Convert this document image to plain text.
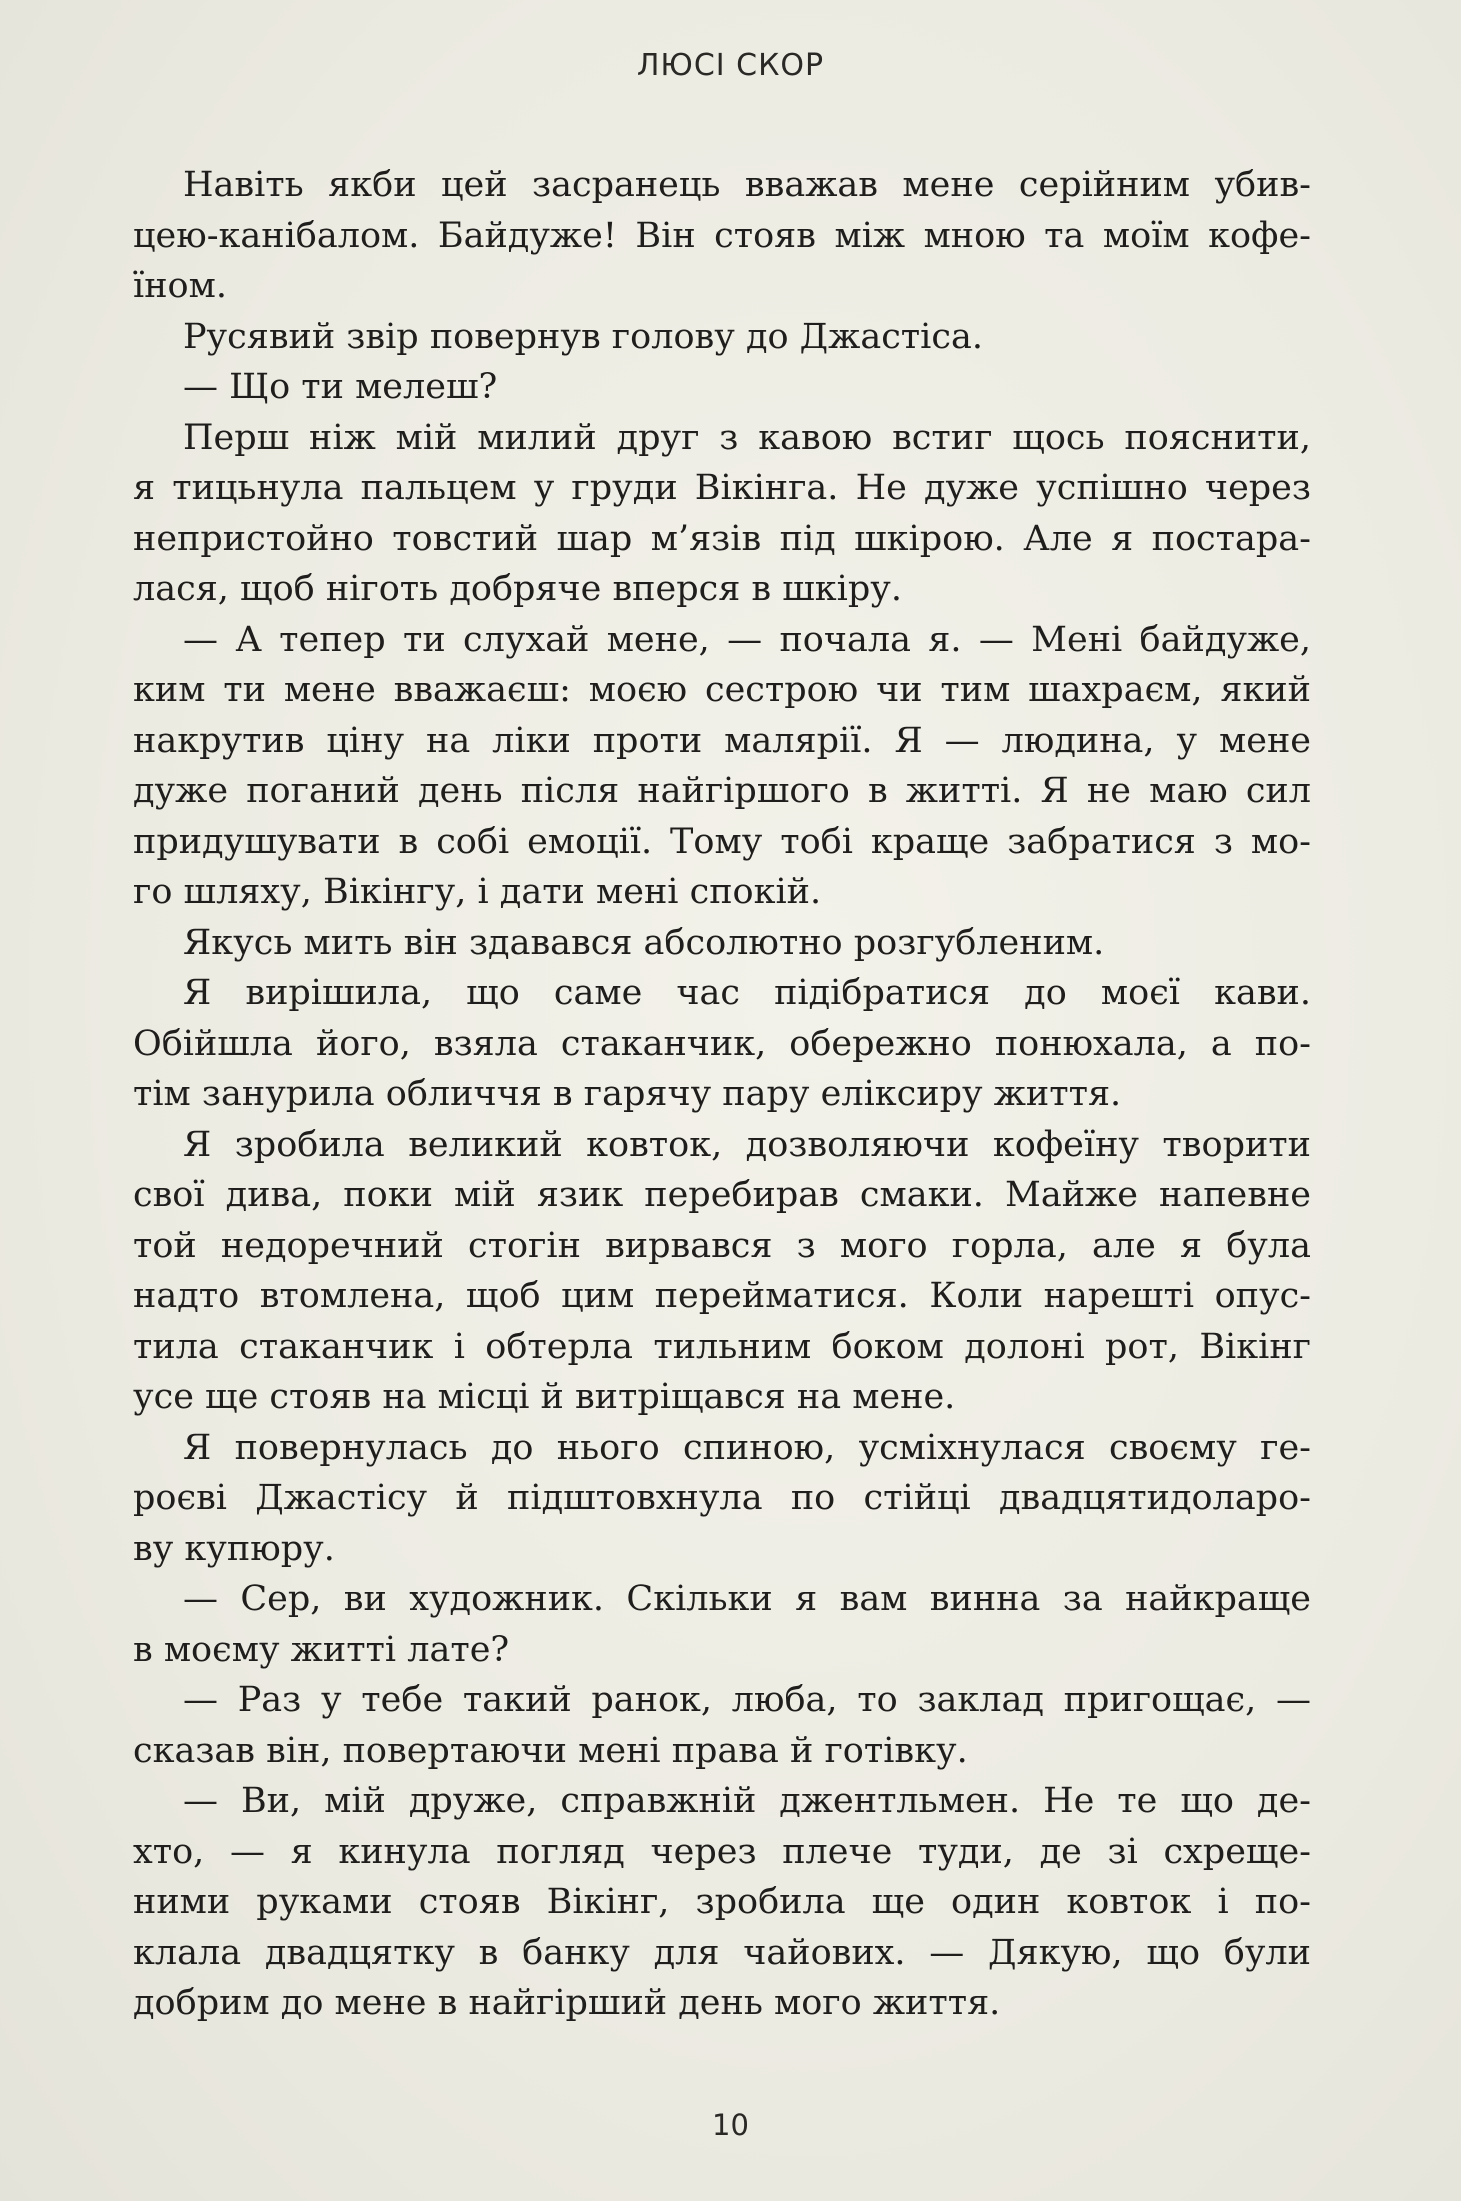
ЛЮСІ СКОР
Навіть якби цей засранець вважав мене серійним убив-
цею-канібалом. Байдуже! Він стояв між мною та моїм кофе-
їном.
Русявий звір повернув голову до Джастіса.
— Що ти мелеш?
Перш ніж мій милий друг з кавою встиг щось пояснити,
я тицьнула пальцем у груди Вікінга. Не дуже успішно через
непристойно товстий шар м’язів під шкірою. Але я постара-
лася, щоб ніготь добряче вперся в шкіру.
— А тепер ти слухай мене, — почала я. — Мені байдуже,
ким ти мене вважаєш: моєю сестрою чи тим шахраєм, який
накрутив ціну на ліки проти малярії. Я — людина, у мене
дуже поганий день після найгіршого в житті. Я не маю сил
придушувати в собі емоції. Тому тобі краще забратися з мо-
го шляху, Вікінгу, і дати мені спокій.
Якусь мить він здавався абсолютно розгубленим.
Я вирішила, що саме час підібратися до моєї кави.
Обійшла його, взяла стаканчик, обережно понюхала, а по-
тім занурила обличчя в гарячу пару еліксиру життя.
Я зробила великий ковток, дозволяючи кофеїну творити
свої дива, поки мій язик перебирав смаки. Майже напевне
той недоречний стогін вирвався з мого горла, але я була
надто втомлена, щоб цим перейматися. Коли нарешті опус-
тила стаканчик і обтерла тильним боком долоні рот, Вікінг
усе ще стояв на місці й витріщався на мене.
Я повернулась до нього спиною, усміхнулася своєму ге-
роєві Джастісу й підштовхнула по стійці двадцятидоларо-
ву купюру.
— Сер, ви художник. Скільки я вам винна за найкраще
в моєму житті лате?
— Раз у тебе такий ранок, люба, то заклад пригощає, —
сказав він, повертаючи мені права й готівку.
— Ви, мій друже, справжній джентльмен. Не те що де-
хто, — я кинула погляд через плече туди, де зі схреще-
ними руками стояв Вікінг, зробила ще один ковток і по-
клала двадцятку в банку для чайових. — Дякую, що були
добрим до мене в найгірший день мого життя.
10
